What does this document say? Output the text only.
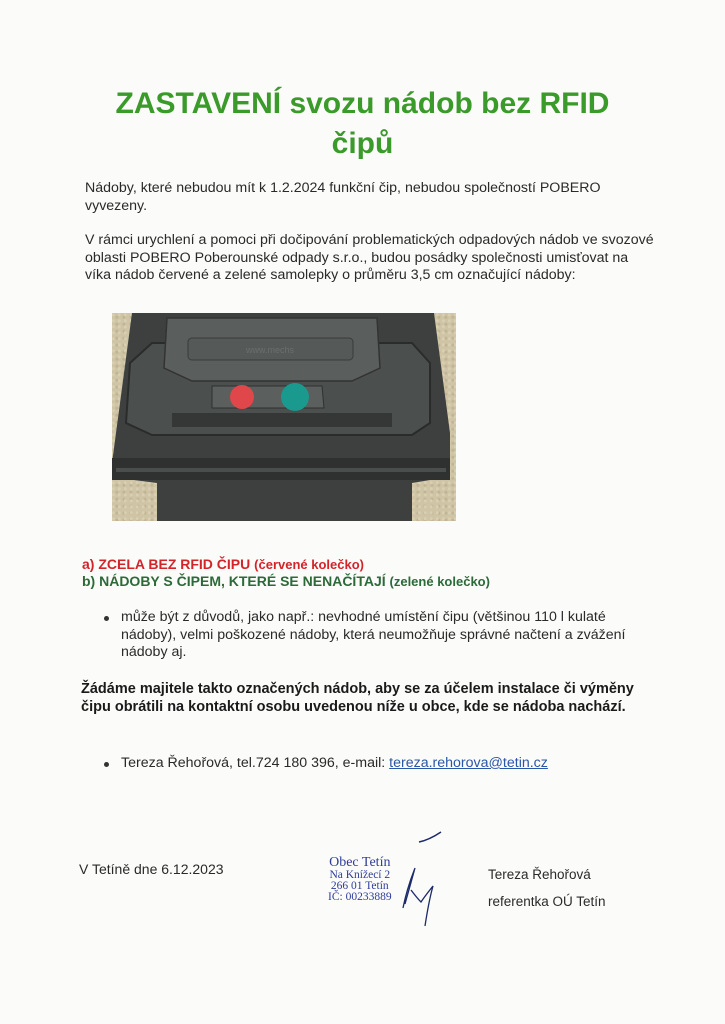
ZASTAVENÍ svozu nádob bez RFID
čipů
Nádoby, které nebudou mít k 1.2.2024 funkční čip, nebudou společností POBERO vyvezeny.
V rámci urychlení a pomoci při dočipování problematických odpadových nádob ve svozové oblasti POBERO Poberounské odpady s.r.o., budou posádky společnosti umisťovat na víka nádob červené a zelené samolepky o průměru 3,5 cm označující nádoby:
www.mechs
a) ZCELA BEZ RFID ČIPU (červené kolečko)
b) NÁDOBY S ČIPEM, KTERÉ SE NENAČÍTAJÍ (zelené kolečko)
může být z důvodů, jako např.: nevhodné umístění čipu (většinou 110 l kulaté nádoby), velmi poškozené nádoby, která neumožňuje správné načtení a zvážení nádoby aj.
Žádáme majitele takto označených nádob, aby se za účelem instalace či výměny čipu obrátili na kontaktní osobu uvedenou níže u obce, kde se nádoba nachází.
Tereza Řehořová, tel.724 180 396, e-mail: tereza.rehorova@tetin.cz
V Tetíně dne 6.12.2023	Obec Tetín
Na Knížecí 2
266 01 Tetín
IČ: 00233889
Tereza Řehořová
referentka OÚ Tetín
